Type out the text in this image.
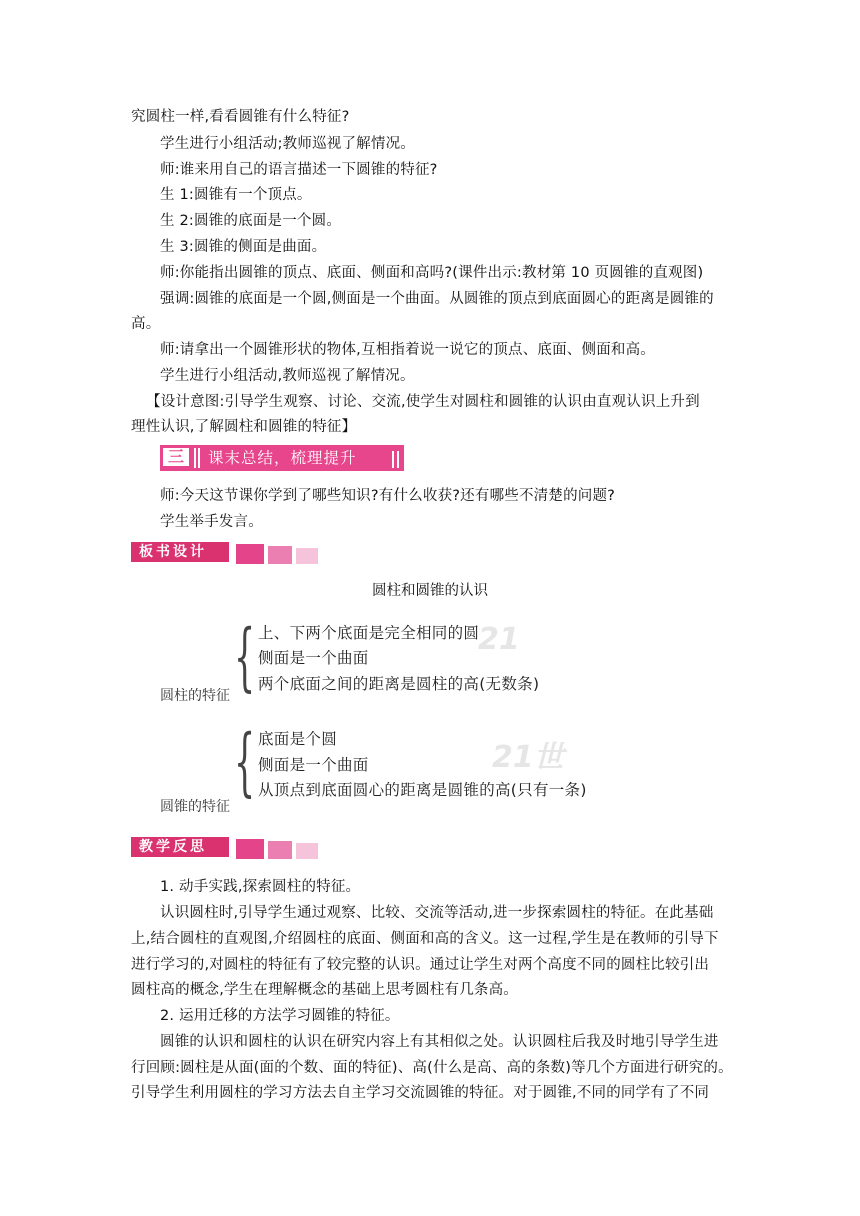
究圆柱一样,看看圆锥有什么特征?
学生进行小组活动;教师巡视了解情况。
师:谁来用自己的语言描述一下圆锥的特征?
生 1:圆锥有一个顶点。
生 2:圆锥的底面是一个圆。
生 3:圆锥的侧面是曲面。
师:你能指出圆锥的顶点、底面、侧面和高吗?(课件出示:教材第 10 页圆锥的直观图)
强调:圆锥的底面是一个圆,侧面是一个曲面。从圆锥的顶点到底面圆心的距离是圆锥的
高。
师:请拿出一个圆锥形状的物体,互相指着说一说它的顶点、底面、侧面和高。
学生进行小组活动,教师巡视了解情况。
【设计意图:引导学生观察、讨论、交流,使学生对圆柱和圆锥的认识由直观认识上升到
理性认识,了解圆柱和圆锥的特征】
三	课末总结，梳理提升
师:今天这节课你学到了哪些知识?有什么收获?还有哪些不清楚的问题?
学生举手发言。
板书设计
圆柱和圆锥的认识
21
21世
{ 上、下两个底面是完全相同的圆
侧面是一个曲面
两个底面之间的距离是圆柱的高(无数条)
圆柱的特征
{ 底面是个圆
侧面是一个曲面
从顶点到底面圆心的距离是圆锥的高(只有一条)
圆锥的特征
教学反思
1. 动手实践,探索圆柱的特征。
认识圆柱时,引导学生通过观察、比较、交流等活动,进一步探索圆柱的特征。在此基础
上,结合圆柱的直观图,介绍圆柱的底面、侧面和高的含义。这一过程,学生是在教师的引导下
进行学习的,对圆柱的特征有了较完整的认识。通过让学生对两个高度不同的圆柱比较引出
圆柱高的概念,学生在理解概念的基础上思考圆柱有几条高。
2. 运用迁移的方法学习圆锥的特征。
圆锥的认识和圆柱的认识在研究内容上有其相似之处。认识圆柱后我及时地引导学生进
行回顾:圆柱是从面(面的个数、面的特征)、高(什么是高、高的条数)等几个方面进行研究的。
引导学生利用圆柱的学习方法去自主学习交流圆锥的特征。对于圆锥,不同的同学有了不同
